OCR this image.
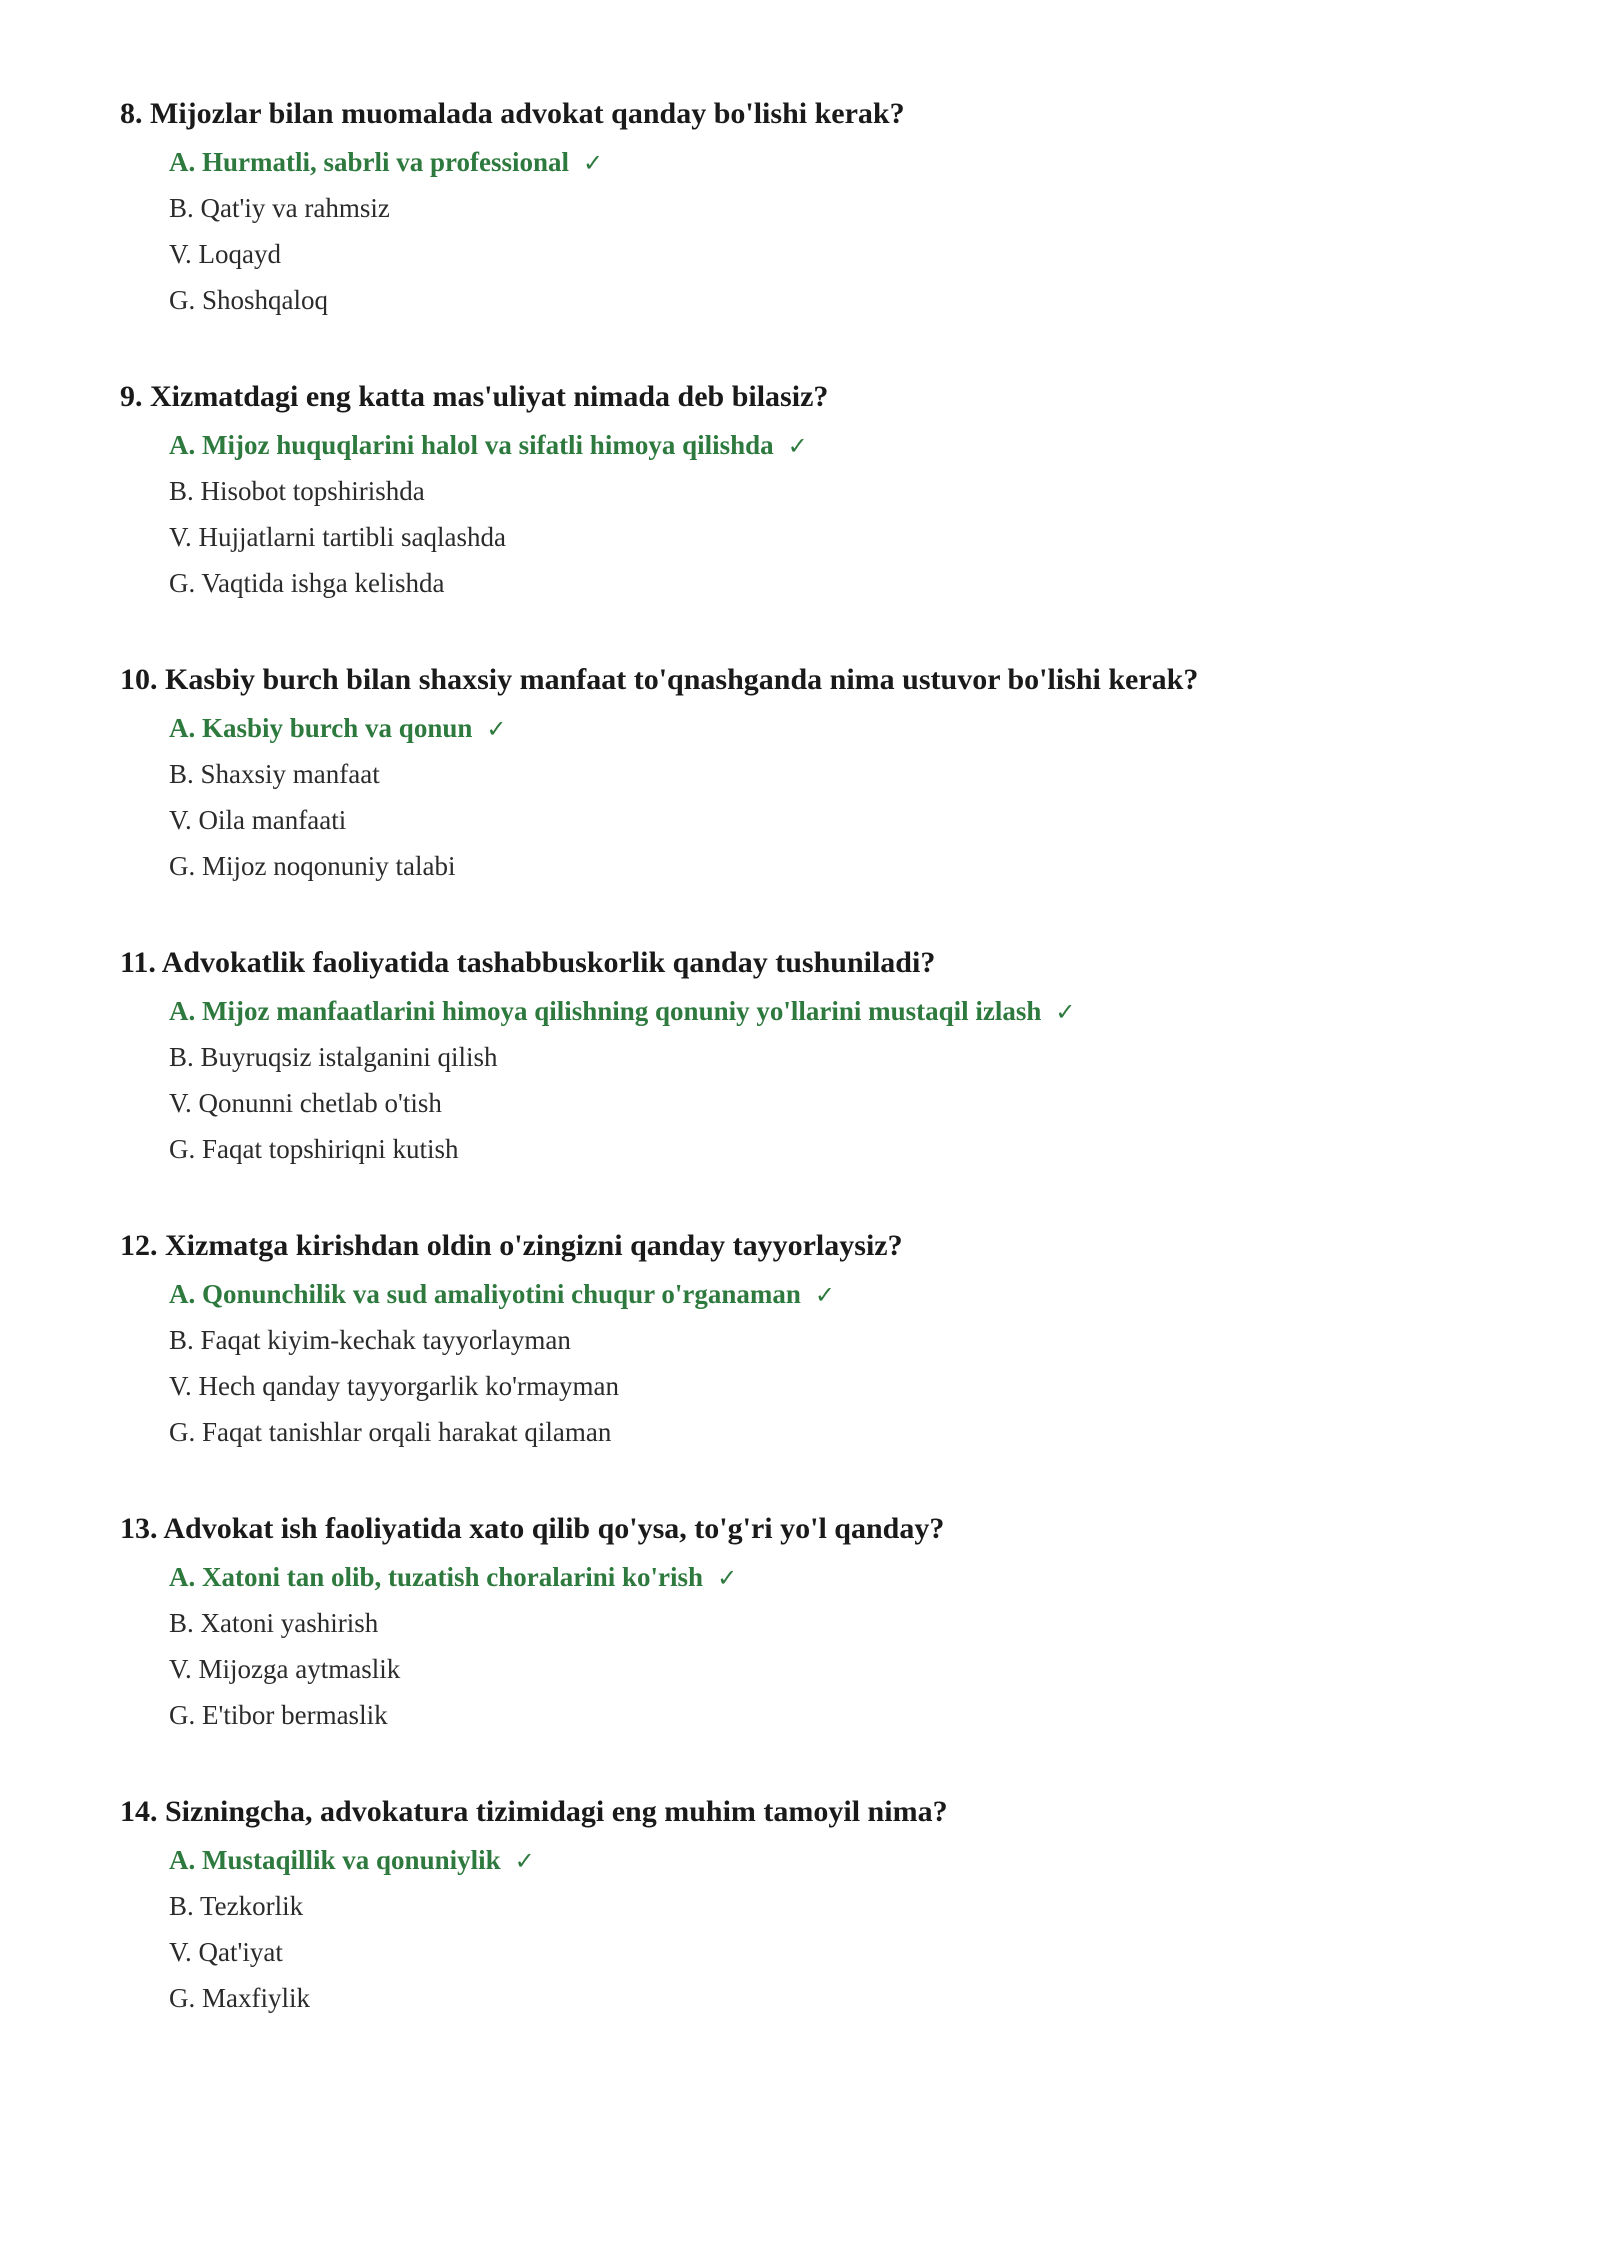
8. Mijozlar bilan muomalada advokat qanday bo'lishi kerak?
A. Hurmatli, sabrli va professional ✓
B. Qat'iy va rahmsiz
V. Loqayd
G. Shoshqaloq
9. Xizmatdagi eng katta mas'uliyat nimada deb bilasiz?
A. Mijoz huquqlarini halol va sifatli himoya qilishda ✓
B. Hisobot topshirishda
V. Hujjatlarni tartibli saqlashda
G. Vaqtida ishga kelishda
10. Kasbiy burch bilan shaxsiy manfaat to'qnashganda nima ustuvor bo'lishi kerak?
A. Kasbiy burch va qonun ✓
B. Shaxsiy manfaat
V. Oila manfaati
G. Mijoz noqonuniy talabi
11. Advokatlik faoliyatida tashabbuskorlik qanday tushuniladi?
A. Mijoz manfaatlarini himoya qilishning qonuniy yo'llarini mustaqil izlash ✓
B. Buyruqsiz istalganini qilish
V. Qonunni chetlab o'tish
G. Faqat topshiriqni kutish
12. Xizmatga kirishdan oldin o'zingizni qanday tayyorlaysiz?
A. Qonunchilik va sud amaliyotini chuqur o'rganaman ✓
B. Faqat kiyim-kechak tayyorlayman
V. Hech qanday tayyorgarlik ko'rmayman
G. Faqat tanishlar orqali harakat qilaman
13. Advokat ish faoliyatida xato qilib qo'ysa, to'g'ri yo'l qanday?
A. Xatoni tan olib, tuzatish choralarini ko'rish ✓
B. Xatoni yashirish
V. Mijozga aytmaslik
G. E'tibor bermaslik
14. Sizningcha, advokatura tizimidagi eng muhim tamoyil nima?
A. Mustaqillik va qonuniylik ✓
B. Tezkorlik
V. Qat'iyat
G. Maxfiylik
